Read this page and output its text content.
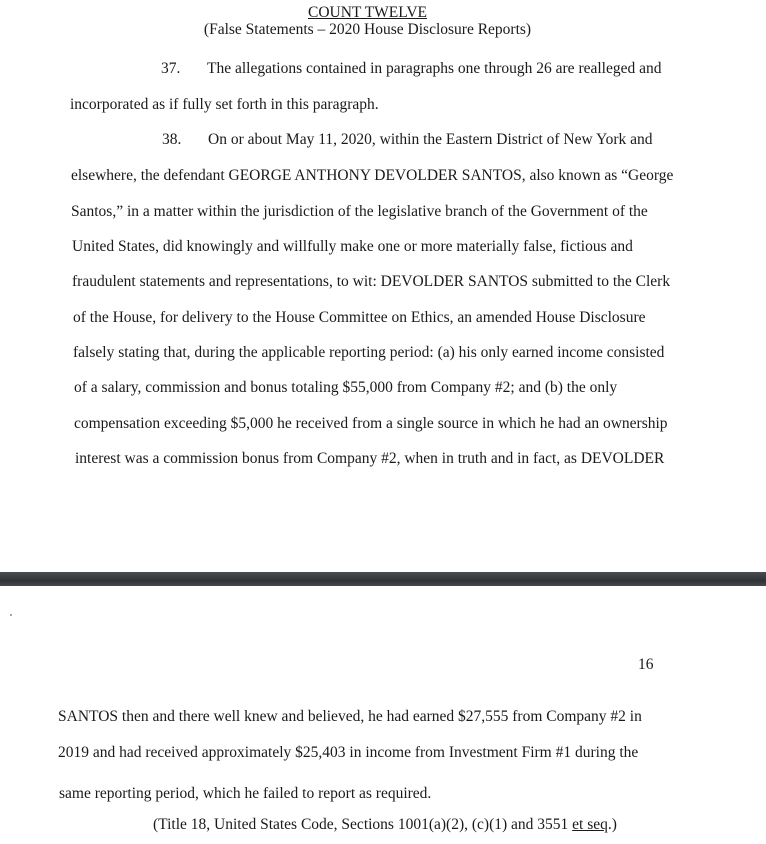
COUNT TWELVE
(False Statements – 2020 House Disclosure Reports)
37. The allegations contained in paragraphs one through 26 are realleged and
incorporated as if fully set forth in this paragraph.
38. On or about May 11, 2020, within the Eastern District of New York and
elsewhere, the defendant GEORGE ANTHONY DEVOLDER SANTOS, also known as “George
Santos,” in a matter within the jurisdiction of the legislative branch of the Government of the
United States, did knowingly and willfully make one or more materially false, fictious and
fraudulent statements and representations, to wit: DEVOLDER SANTOS submitted to the Clerk
of the House, for delivery to the House Committee on Ethics, an amended House Disclosure
falsely stating that, during the applicable reporting period: (a) his only earned income consisted
of a salary, commission and bonus totaling $55,000 from Company #2; and (b) the only
compensation exceeding $5,000 he received from a single source in which he had an ownership
interest was a commission bonus from Company #2, when in truth and in fact, as DEVOLDER
16
SANTOS then and there well knew and believed, he had earned $27,555 from Company #2 in
2019 and had received approximately $25,403 in income from Investment Firm #1 during the
same reporting period, which he failed to report as required.
(Title 18, United States Code, Sections 1001(a)(2), (c)(1) and 3551 et seq.)
